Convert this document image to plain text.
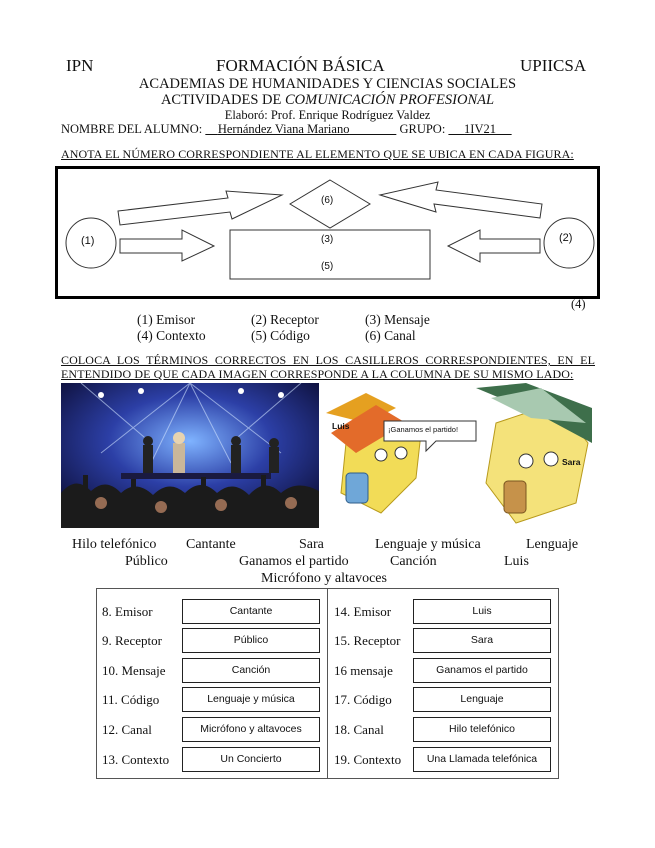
IPN	FORMACIÓN BÁSICA	UPIICSA
ACADEMIAS DE HUMANIDADES Y CIENCIAS SOCIALES
ACTIVIDADES DE COMUNICACIÓN PROFESIONAL
Elaboró: Prof. Enrique Rodríguez Valdez
NOMBRE DEL ALUMNO: Hernández Viana Mariano	GRUPO: 1IV21
ANOTA EL NÚMERO CORRESPONDIENTE AL ELEMENTO QUE SE UBICA EN CADA FIGURA:
(1)	(2)
(6)
(3)
(5)
(4)
(1) Emisor	(2) Receptor	(3) Mensaje
(4) Contexto	(5) Código	(6) Canal
COLOCA LOS TÉRMINOS CORRECTOS EN LOS CASILLEROS CORRESPONDIENTES, EN EL
ENTENDIDO DE QUE CADA IMAGEN CORRESPONDE A LA COLUMNA DE SU MISMO LADO:
¡Ganamos el partido!
Luis
Sara
Hilo telefónico Cantante	Sara	Lenguaje y música	Lenguaje
Público	Ganamos el partido	Canción	Luis
Micrófono y altavoces
8. Emisor	Cantante
9. Receptor	Público
10. Mensaje	Canción
11. Código	Lenguaje y música
12. Canal	Micrófono y altavoces
13. Contexto	Un Concierto
14. Emisor	Luis
15. Receptor	Sara
16 mensaje	Ganamos el partido
17. Código	Lenguaje
18. Canal	Hilo telefónico
19. Contexto	Una Llamada telefónica
